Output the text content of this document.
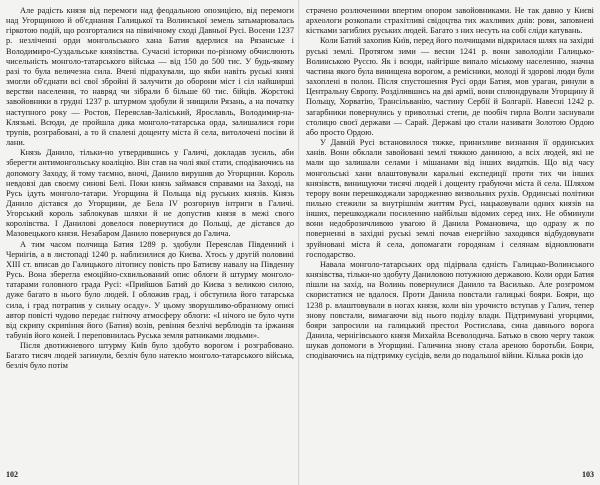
Але радість князя від перемоги над феодальною опозицією, від перемоги над Угорщиною й об'єднання Галицької та Волинської земель затьмарювалась гіркотою подій, що розгорталися на північному сході Давньої Русі. Восени 1237 р. незліченні орди монгольського хана Батия вдерлися на Рязанське і Володимиро-Суздальське князівства. Сучасні історики по-різному обчислюють чисельність монголо-татарського війська — від 150 до 500 тис. У будь-якому разі то була величезна сила. Вчені підрахували, що якби навіть руські князі змогли об'єднати всі свої збройні й залучити до оборони міст і сіл найширші верстви населення, то навряд чи зібрали б більше 60 тис. бійців. Жорстокі завойовники в грудні 1237 р. штурмом здобули й знищили Рязань, а на початку наступного року — Ростов, Переяслав-Заліський, Ярославль, Володимир-на-Клязьмі. Всюди, де пройшла дика монголо-татарська орда, залишалися гори трупів, розграбовані, а то й спалені дощенту міста й села, витолочені посіви й лани.

Князь Данило, тільки-но утвердившись у Галичі, докладав зусиль, аби зберегти антимонгольську коаліцію. Він став на чолі якої стати, сподіваючись на допомогу Заходу, й тому таємно, вночі, Данило вирушив до Угорщини. Король невдовзі дав своєму синові Белі. Поки князь займався справами на Заході, на Русь ідуть монголо-татари. Угорщина й Польща від руських князів. Князь Данило дістався до Угорщини, де Бела IV розгорнув інтриги в Галичі. Угорський король заблокував шляхи й не допустив князя в межі свого королівства. І Данилові довелося повернутися до Польщі, де дістався до Мазовецького князя. Незабаром Данило повернувся до Галича.

А тим часом полчища Батия 1289 р. здобули Переяслав Південний і Чернігів, а в листопаді 1240 р. наблизилися до Києва. Хтось у другій половині ХІІІ ст. вписав до Галицького літопису повість про Батиєву навалу на Південну Русь. Вона зберегла емоційно-схвильований опис облоги й штурму монголо-татарами головного града Русі: «Прийшов Батий до Києва з великою силою, дуже багато в нього було людей. І обложив град, і обступила його татарська сила, і град потрапив у сильну осаду». У цьому зворушливо-образному описі автор повісті чудово передає гнітючу атмосферу облоги: «І нічого не було чути від скрипу скрипіння його (Батия) возів, ревіння безлічі верблюдів та іржання табунів його коней. І переповнилась Руська земля ратниками людьми».

Після двотижневого штурму Київ було здобуто ворогом і розграбовано. Багато тисяч людей загинули, безліч було натекло монголо-татарського війська, безліч було потім

102

страчено розлюченими впертим опором завойовниками. Не так давно у Києві археологи розкопали страхітливі свідоцтва тих жахливих днів: рови, заповнені кістками загиблих руських людей. Багато з них несуть на собі сліди катувань.

Коли Батий захопив Київ, перед його полчищами відкрилася шлях на західні руські землі. Протягом зими — весни 1241 р. вони заволоділи Галицько-Волинською Руссю. Як і всюди, найгірше випало міському населенню, значна частина якого була винищена ворогом, а ремісники, молоді й здорові люди були захоплені в полон. Після спустошення Русі орди Батия, мов ураган, ринули в Центральну Європу. Розділившись на дві армії, вони сплюндрували Угорщину й Польщу, Хорватію, Трансільванію, частину Сербії й Болгарії. Навесні 1242 р. загарбники повернулись у приволзькі степи, де пообіч гирла Волги заснували столицю своєї держави — Сарай. Державі цю стали називати Золотою Ордою або просто Ордою.

У Давній Русі встановилося тяжке, принизливе визнання її ординських ханів. Вони обклали завойовані землі тяжкою даниною, а всіх людей, які не мали що залишали селами і мішанами від інших видатків. Що від часу монгольські хани влаштовували каральні експедиції проти тих чи інших князівств, винищуючи тисячі людей і дощенту грабуючи міста й села. Шляхом терору вони перешкоджали зародженню визвольних рухів. Ординські політики пильно стежили за внутрішнім життям Русі, нацьковували одних князів на інших, перешкоджали посиленню найбільш відомих серед них. Не обминули вони недоброзичливою увагою й Данила Романовича, що одразу ж по поверненні в західні руські землі почав енергійно заходився відбудовувати зруйновані міста й села, допомагати городянам і селянам відновлювати господарство.

Навала монголо-татарських орд підірвала єдність Галицько-Волинського князівства, тільки-но здобуту Даниловою потужною державою. Коли орди Батия пішли на захід, на Волинь повернулися Данило та Василько. Але розгромом скористатися не вдалося. Проти Данила повстали галицькі бояри. Бояри, що 1238 р. влаштовували в ногах князя, коли він урочисто вступав у Галич, тепер знову повстали, вимагаючи від нього поділу влади. Підтримувані угорцями, бояри запросили на галицький престол Ростислава, сина давнього ворога Данила, чернігівського князя Михайла Всеволодича. Батько в свою чергу також шукав допомоги в Угорщині. Галичина знову стала ареною боротьби. Бояри, сподіваючись на підтримку сусідів, вели до подальшої війни. Кілька років ідо

103
